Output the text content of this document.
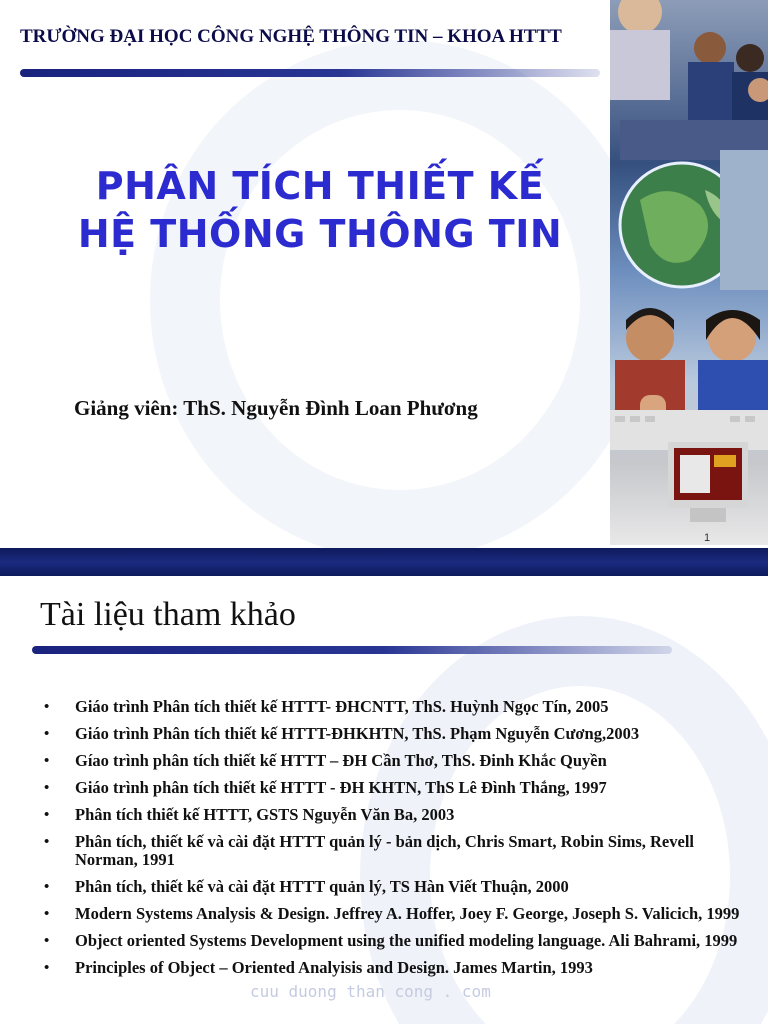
TRƯỜNG ĐẠI HỌC CÔNG NGHỆ THÔNG TIN – KHOA HTTT
PHÂN TÍCH THIẾT KẾ
HỆ THỐNG THÔNG TIN
Giảng viên: ThS. Nguyễn Đình Loan Phương
1
Tài liệu tham khảo
• Giáo trình Phân tích thiết kế HTTT- ĐHCNTT, ThS. Huỳnh Ngọc Tín, 2005
• Giáo trình Phân tích thiết kế HTTT-ĐHKHTN, ThS. Phạm Nguyễn Cương,2003
• Gíao trình phân tích thiết kế HTTT – ĐH Cần Thơ, ThS. Đinh Khắc Quyền
• Giáo trình phân tích thiết kế HTTT - ĐH KHTN, ThS Lê Đình Thắng, 1997
• Phân tích thiết kế HTTT, GSTS Nguyễn Văn Ba, 2003
• Phân tích, thiết kế và cài đặt HTTT quản lý - bản dịch, Chris Smart, Robin Sims, Revell Norman, 1991
• Phân tích, thiết kế và cài đặt HTTT quản lý, TS Hàn Viết Thuận, 2000
• Modern Systems Analysis & Design. Jeffrey A. Hoffer, Joey F. George, Joseph S. Valicich, 1999
• Object oriented Systems Development using the unified modeling language. Ali Bahrami, 1999
• Principles of Object – Oriented Analyisis and Design. James Martin, 1993
cuu duong than cong . com
